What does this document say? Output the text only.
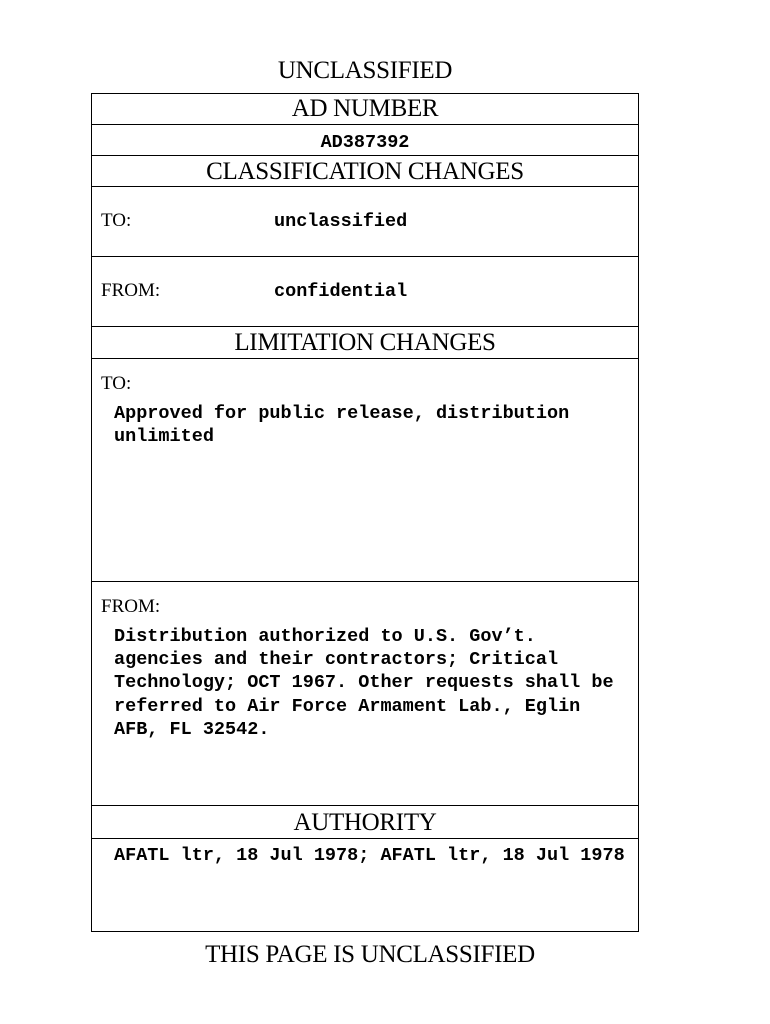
UNCLASSIFIED
AD NUMBER
AD387392
CLASSIFICATION CHANGES
TO:	unclassified
FROM:	confidential
LIMITATION CHANGES
TO:
Approved for public release, distribution unlimited
FROM:
Distribution authorized to U.S. Gov’t. agencies and their contractors; Critical Technology; OCT 1967. Other requests shall be referred to Air Force Armament Lab., Eglin AFB, FL 32542.
AUTHORITY
AFATL ltr, 18 Jul 1978; AFATL ltr, 18 Jul 1978
THIS PAGE IS UNCLASSIFIED
